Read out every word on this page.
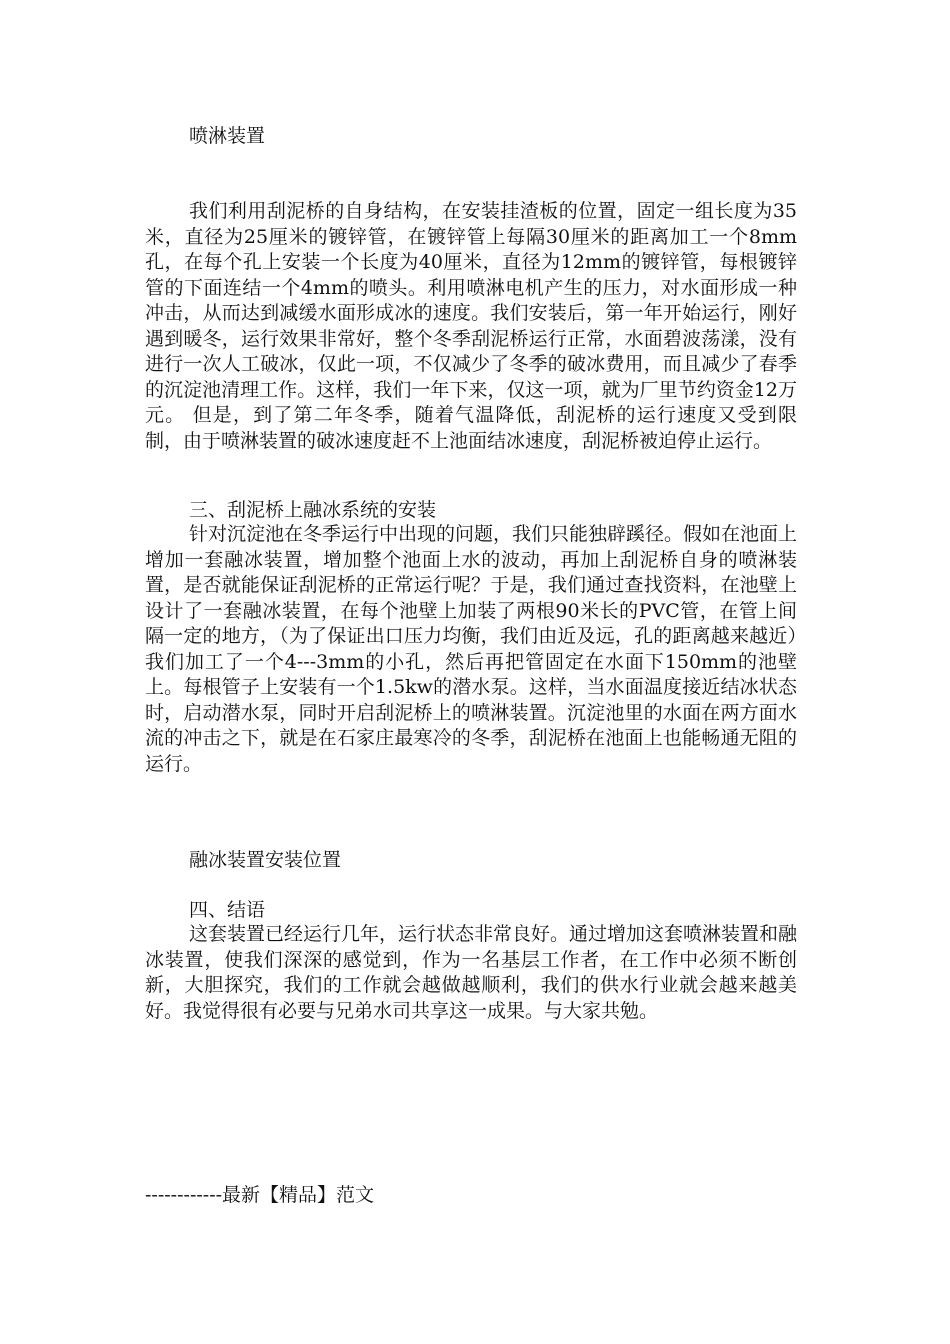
喷淋装置

我们利用刮泥桥的自身结构，在安装挂渣板的位置，固定一组长度为35米，直径为25厘米的镀锌管，在镀锌管上每隔30厘米的距离加工一个8mm孔，在每个孔上安装一个长度为40厘米，直径为12mm的镀锌管，每根镀锌管的下面连结一个4mm的喷头。利用喷淋电机产生的压力，对水面形成一种冲击，从而达到减缓水面形成冰的速度。我们安装后，第一年开始运行，刚好遇到暖冬，运行效果非常好，整个冬季刮泥桥运行正常，水面碧波荡漾，没有进行一次人工破冰，仅此一项，不仅减少了冬季的破冰费用，而且减少了春季的沉淀池清理工作。这样，我们一年下来，仅这一项，就为厂里节约资金12万元。 但是，到了第二年冬季，随着气温降低，刮泥桥的运行速度又受到限制，由于喷淋装置的破冰速度赶不上池面结冰速度，刮泥桥被迫停止运行。

三、刮泥桥上融冰系统的安装

针对沉淀池在冬季运行中出现的问题，我们只能独辟蹊径。假如在池面上增加一套融冰装置，增加整个池面上水的波动，再加上刮泥桥自身的喷淋装置，是否就能保证刮泥桥的正常运行呢？于是，我们通过查找资料，在池壁上设计了一套融冰装置，在每个池壁上加装了两根90米长的PVC管，在管上间隔一定的地方，（为了保证出口压力均衡，我们由近及远，孔的距离越来越近）我们加工了一个4---3mm的小孔，然后再把管固定在水面下150mm的池壁上。每根管子上安装有一个1.5kw的潜水泵。这样，当水面温度接近结冰状态时，启动潜水泵，同时开启刮泥桥上的喷淋装置。沉淀池里的水面在两方面水流的冲击之下，就是在石家庄最寒冷的冬季，刮泥桥在池面上也能畅通无阻的运行。

融冰装置安装位置

四、结语

这套装置已经运行几年，运行状态非常良好。通过增加这套喷淋装置和融冰装置，使我们深深的感觉到，作为一名基层工作者，在工作中必须不断创新，大胆探究，我们的工作就会越做越顺利，我们的供水行业就会越来越美好。我觉得很有必要与兄弟水司共享这一成果。与大家共勉。

------------最新【精品】范文
